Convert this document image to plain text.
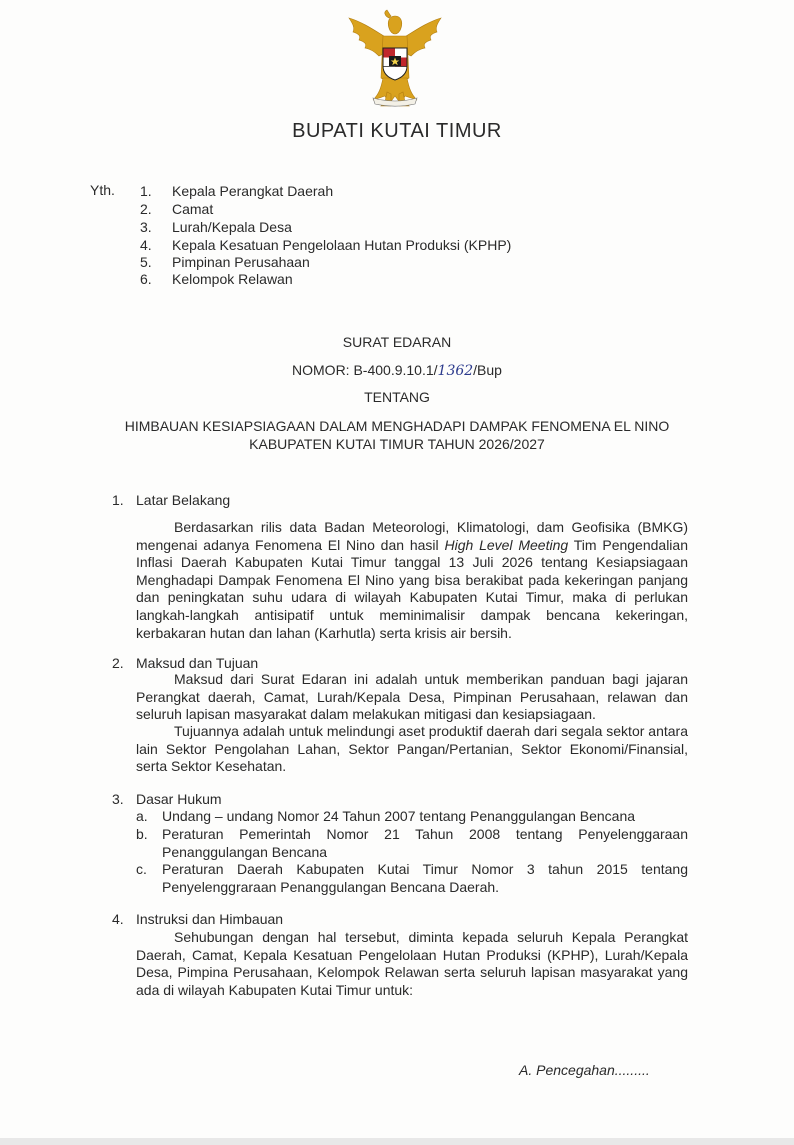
BUPATI KUTAI TIMUR
Yth. 1. Kepala Perangkat Daerah
2. Camat
3. Lurah/Kepala Desa
4. Kepala Kesatuan Pengelolaan Hutan Produksi (KPHP)
5. Pimpinan Perusahaan
6. Kelompok Relawan
SURAT EDARAN
NOMOR: B-400.9.10.1/1362/Bup
TENTANG
HIMBAUAN KESIAPSIAGAAN DALAM MENGHADAPI DAMPAK FENOMENA EL NINO
KABUPATEN KUTAI TIMUR TAHUN 2026/2027
1. Latar Belakang
Berdasarkan rilis data Badan Meteorologi, Klimatologi, dam Geofisika (BMKG) mengenai adanya Fenomena El Nino dan hasil High Level Meeting Tim Pengendalian Inflasi Daerah Kabupaten Kutai Timur tanggal 13 Juli 2026 tentang Kesiapsiagaan Menghadapi Dampak Fenomena El Nino yang bisa berakibat pada kekeringan panjang dan peningkatan suhu udara di wilayah Kabupaten Kutai Timur, maka di perlukan langkah-langkah antisipatif untuk meminimalisir dampak bencana kekeringan, kerbakaran hutan dan lahan (Karhutla) serta krisis air bersih.
2. Maksud dan Tujuan
Maksud dari Surat Edaran ini adalah untuk memberikan panduan bagi jajaran Perangkat daerah, Camat, Lurah/Kepala Desa, Pimpinan Perusahaan, relawan dan seluruh lapisan masyarakat dalam melakukan mitigasi dan kesiapsiagaan.
Tujuannya adalah untuk melindungi aset produktif daerah dari segala sektor antara lain Sektor Pengolahan Lahan, Sektor Pangan/Pertanian, Sektor Ekonomi/Finansial, serta Sektor Kesehatan.
3. Dasar Hukum
a. Undang – undang Nomor 24 Tahun 2007 tentang Penanggulangan Bencana
b. Peraturan Pemerintah Nomor 21 Tahun 2008 tentang Penyelenggaraan Penanggulangan Bencana
c. Peraturan Daerah Kabupaten Kutai Timur Nomor 3 tahun 2015 tentang Penyelenggraraan Penanggulangan Bencana Daerah.
4. Instruksi dan Himbauan
Sehubungan dengan hal tersebut, diminta kepada seluruh Kepala Perangkat Daerah, Camat, Kepala Kesatuan Pengelolaan Hutan Produksi (KPHP), Lurah/Kepala Desa, Pimpina Perusahaan, Kelompok Relawan serta seluruh lapisan masyarakat yang ada di wilayah Kabupaten Kutai Timur untuk:
A. Pencegahan.........
